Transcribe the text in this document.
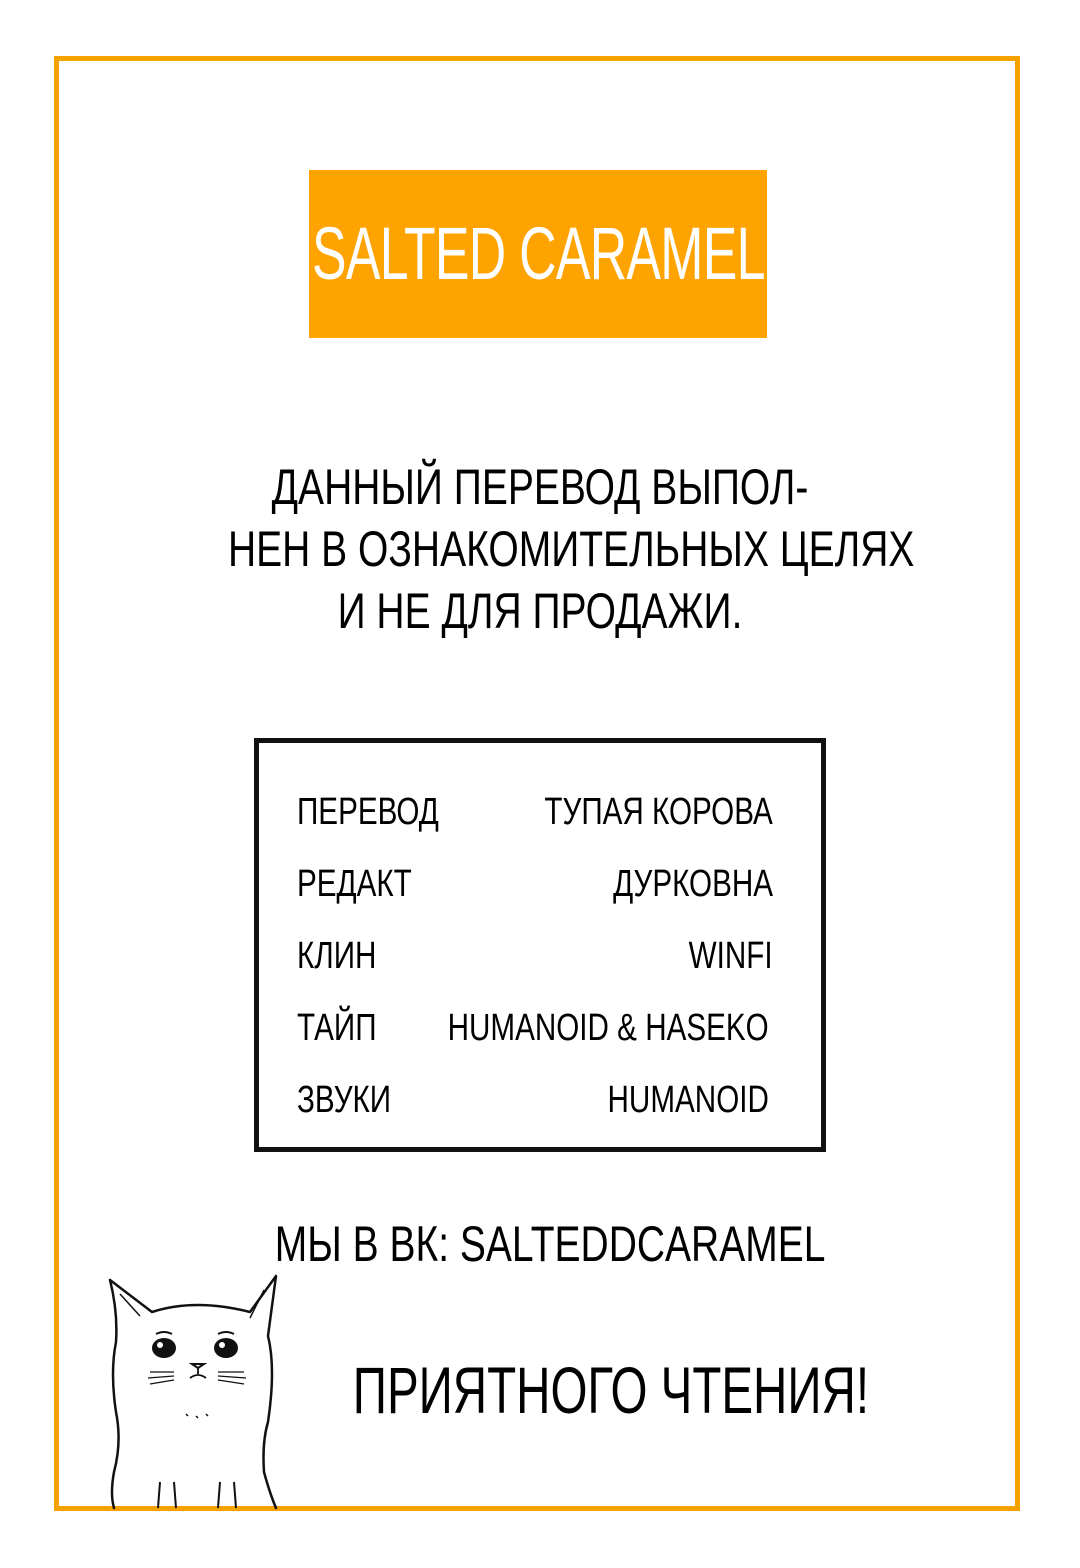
SALTED CARAMEL
ДАННЫЙ ПЕРЕВОД ВЫПОЛ-
НЕН В ОЗНАКОМИТЕЛЬНЫХ ЦЕЛЯХ
И НЕ ДЛЯ ПРОДАЖИ.
ПЕРЕВОД	ТУПАЯ КОРОВА
РЕДАКТ	ДУРКОВНА
КЛИН	WINFI
ТАЙП HUMANOID & HASEKO
ЗВУКИ	HUMANOID
МЫ В ВК: SALTEDDCARAMEL
ПРИЯТНОГО ЧТЕНИЯ!
